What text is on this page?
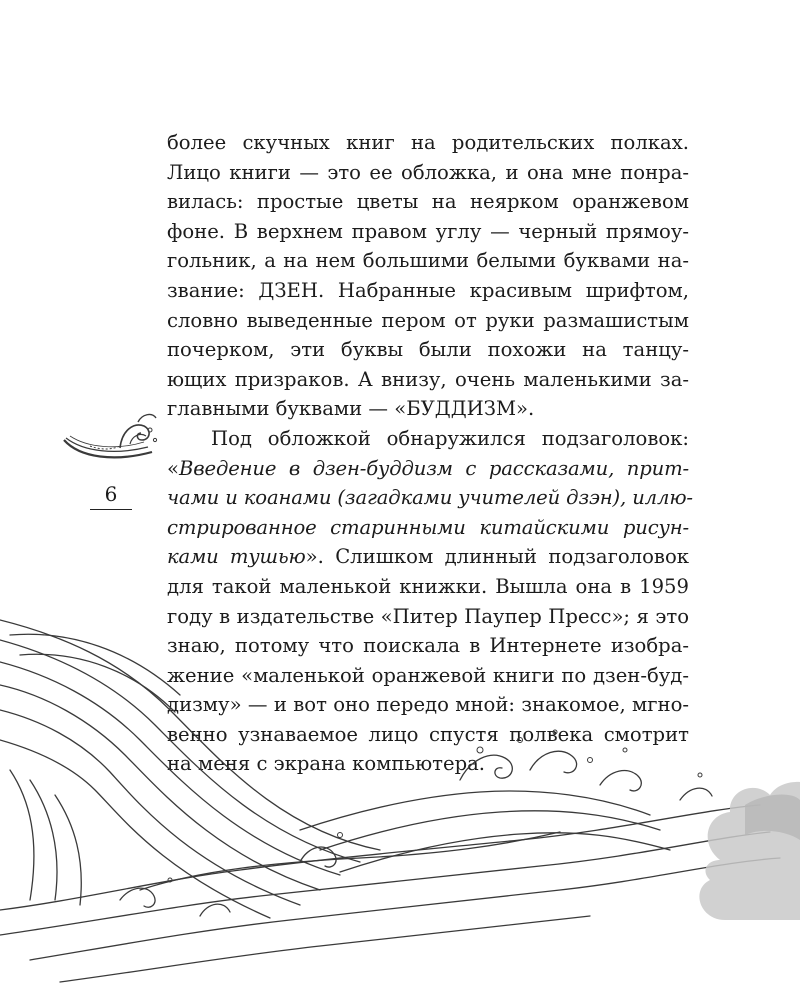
6
более скучных книг на родительских полках.
Лицо книги — это ее обложка, и она мне понра-
вилась: простые цветы на неярком оранжевом
фоне. В верхнем правом углу — черный прямоу-
гольник, а на нем большими белыми буквами на-
звание: ДЗЕН. Набранные красивым шрифтом,
словно выведенные пером от руки размашистым
почерком, эти буквы были похожи на танцу-
ющих призраков. А внизу, очень маленькими за-
главными буквами — «БУДДИЗМ».
Под обложкой обнаружился подзаголовок:
«Введение в дзен-буддизм с рассказами, прит-
чами и коанами (загадками учителей дзэн), иллю-
стрированное старинными китайскими рисун-
ками тушью». Слишком длинный подзаголовок
для такой маленькой книжки. Вышла она в 1959
году в издательстве «Питер Паупер Пресс»; я это
знаю, потому что поискала в Интернете изобра-
жение «маленькой оранжевой книги по дзен-буд-
дизму» — и вот оно передо мной: знакомое, мгно-
венно узнаваемое лицо спустя полвека смотрит
на меня с экрана компьютера.
